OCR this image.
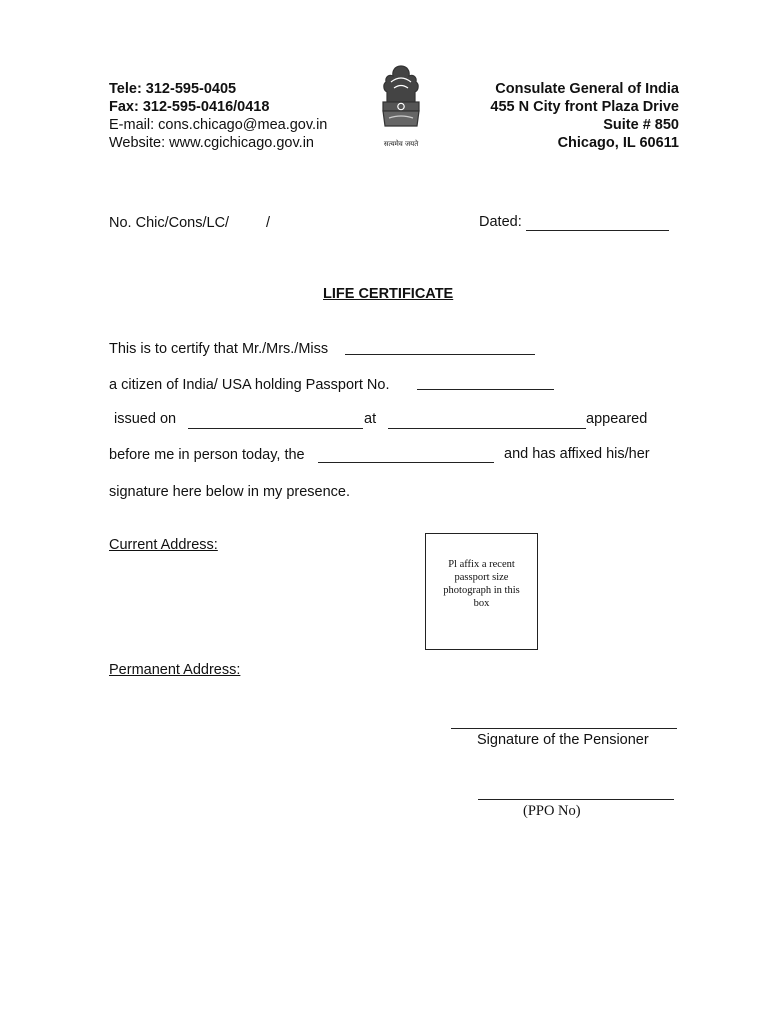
Tele: 312-595-0405
Fax: 312-595-0416/0418
E-mail: cons.chicago@mea.gov.in
Website: www.cgichicago.gov.in	सत्यमेव जयते
Consulate General of India
455 N City front Plaza Drive
Suite # 850
Chicago, IL 60611
No. Chic/Cons/LC/	/	Dated:
LIFE CERTIFICATE
This is to certify that Mr./Mrs./Miss
a citizen of India/ USA holding Passport No.
issued on	at	appeared
before me in person today, the	and has affixed his/her
signature here below in my presence.
Current Address:
Pl affix a recent passport size photograph in this box
Permanent Address:
Signature of the Pensioner
(PPO No)
